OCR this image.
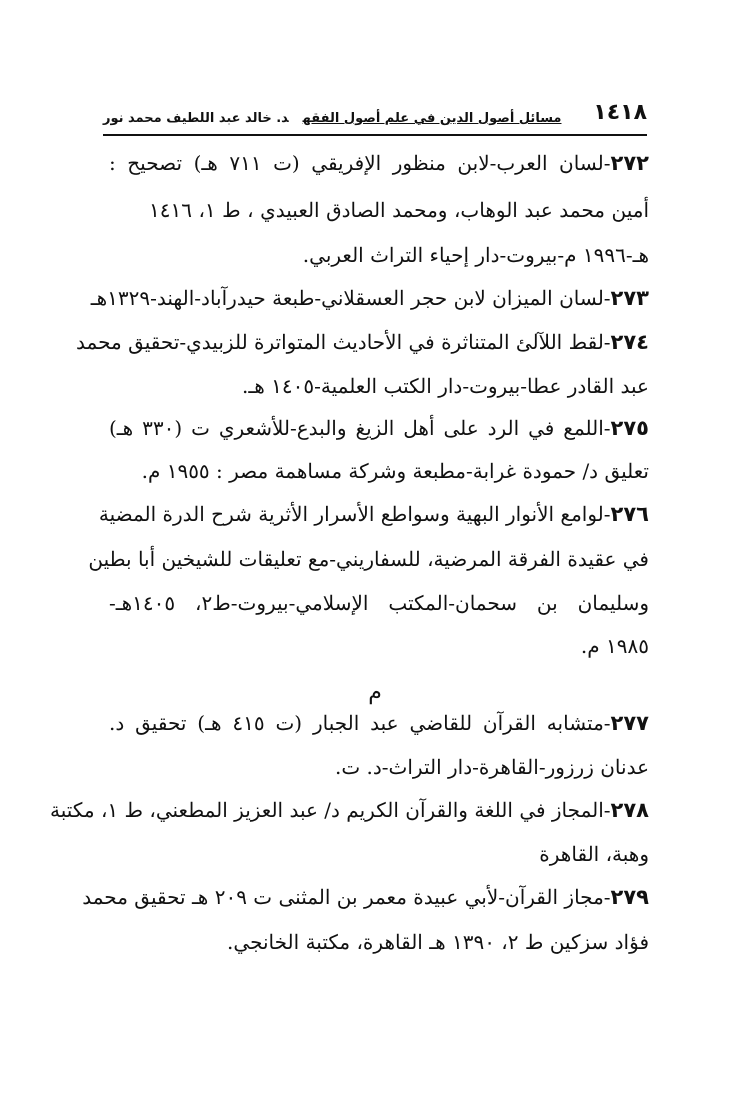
١٤١٨
مسائل أصول الدين في علم أصول الفقهد. خالد عبد اللطيف محمد نور
٢٧٢-لسان العرب-لابن منظور الإفريقي (ت ٧١١ هـ) تصحيح :
أمين محمد عبد الوهاب، ومحمد الصادق العبيدي ، ط ١، ١٤١٦
هـ-١٩٩٦ م-بيروت-دار إحياء التراث العربي.
٢٧٣-لسان الميزان لابن حجر العسقلاني-طبعة حيدرآباد-الهند-١٣٢٩هـ
٢٧٤-لقط اللآلئ المتناثرة في الأحاديث المتواترة للزبيدي-تحقيق محمد
عبد القادر عطا-بيروت-دار الكتب العلمية-١٤٠٥ هـ.
٢٧٥-اللمع في الرد على أهل الزيغ والبدع-للأشعري ت (٣٣٠ هـ)
تعليق د/ حمودة غرابة-مطبعة وشركة مساهمة مصر : ١٩٥٥ م.
٢٧٦-لوامع الأنوار البهية وسواطع الأسرار الأثرية شرح الدرة المضية
في عقيدة الفرقة المرضية، للسفاريني-مع تعليقات للشيخين أبا بطين
وسليمان بن سحمان-المكتب الإسلامي-بيروت-ط٢، ١٤٠٥هـ-
١٩٨٥ م.
م
٢٧٧-متشابه القرآن للقاضي عبد الجبار (ت ٤١٥ هـ) تحقيق د.
عدنان زرزور-القاهرة-دار التراث-د. ت.
٢٧٨-المجاز في اللغة والقرآن الكريم د/ عبد العزيز المطعني، ط ١، مكتبة
وهبة، القاهرة
٢٧٩-مجاز القرآن-لأبي عبيدة معمر بن المثنى ت ٢٠٩ هـ تحقيق محمد
فؤاد سزكين ط ٢، ١٣٩٠ هـ القاهرة، مكتبة الخانجي.
